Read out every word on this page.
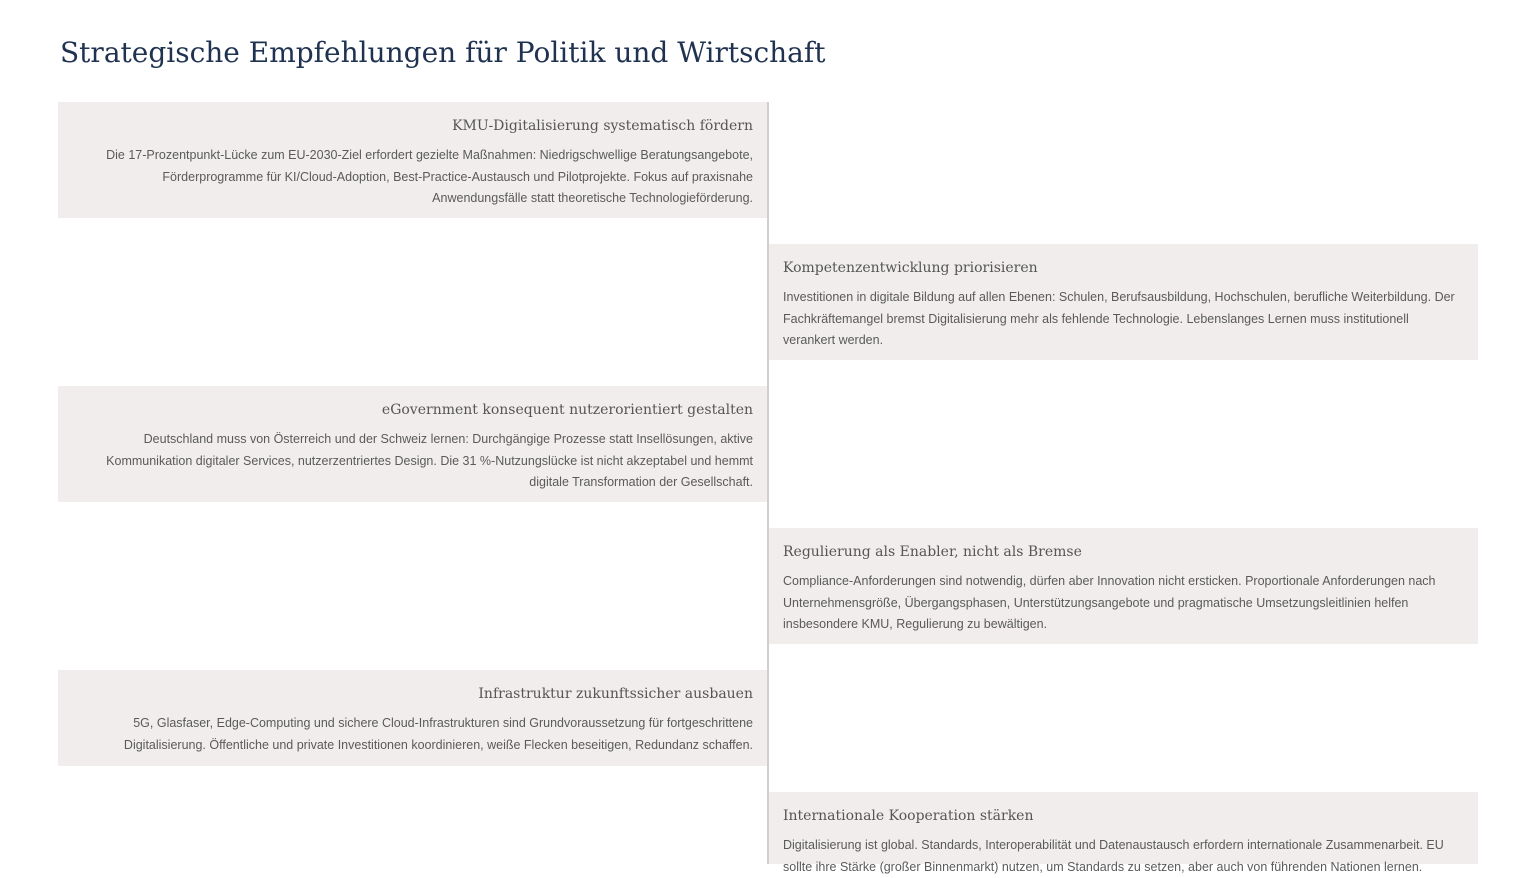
Strategische Empfehlungen für Politik und Wirtschaft

KMU-Digitalisierung systematisch fördern

Die 17-Prozentpunkt-Lücke zum EU-2030-Ziel erfordert gezielte Maßnahmen: Niedrigschwellige Beratungsangebote, Förderprogramme für KI/Cloud-Adoption, Best-Practice-Austausch und Pilotprojekte. Fokus auf praxisnahe Anwendungsfälle statt theoretische Technologieförderung.

Kompetenzentwicklung priorisieren

Investitionen in digitale Bildung auf allen Ebenen: Schulen, Berufsausbildung, Hochschulen, berufliche Weiterbildung. Der Fachkräftemangel bremst Digitalisierung mehr als fehlende Technologie. Lebenslanges Lernen muss institutionell verankert werden.

eGovernment konsequent nutzerorientiert gestalten

Deutschland muss von Österreich und der Schweiz lernen: Durchgängige Prozesse statt Insellösungen, aktive Kommunikation digitaler Services, nutzerzentriertes Design. Die 31 %-Nutzungslücke ist nicht akzeptabel und hemmt digitale Transformation der Gesellschaft.

Regulierung als Enabler, nicht als Bremse

Compliance-Anforderungen sind notwendig, dürfen aber Innovation nicht ersticken. Proportionale Anforderungen nach Unternehmensgröße, Übergangsphasen, Unterstützungsangebote und pragmatische Umsetzungsleitlinien helfen insbesondere KMU, Regulierung zu bewältigen.

Infrastruktur zukunftssicher ausbauen

5G, Glasfaser, Edge-Computing und sichere Cloud-Infrastrukturen sind Grundvoraussetzung für fortgeschrittene Digitalisierung. Öffentliche und private Investitionen koordinieren, weiße Flecken beseitigen, Redundanz schaffen.

Internationale Kooperation stärken

Digitalisierung ist global. Standards, Interoperabilität und Datenaustausch erfordern internationale Zusammenarbeit. EU sollte ihre Stärke (großer Binnenmarkt) nutzen, um Standards zu setzen, aber auch von führenden Nationen lernen.
